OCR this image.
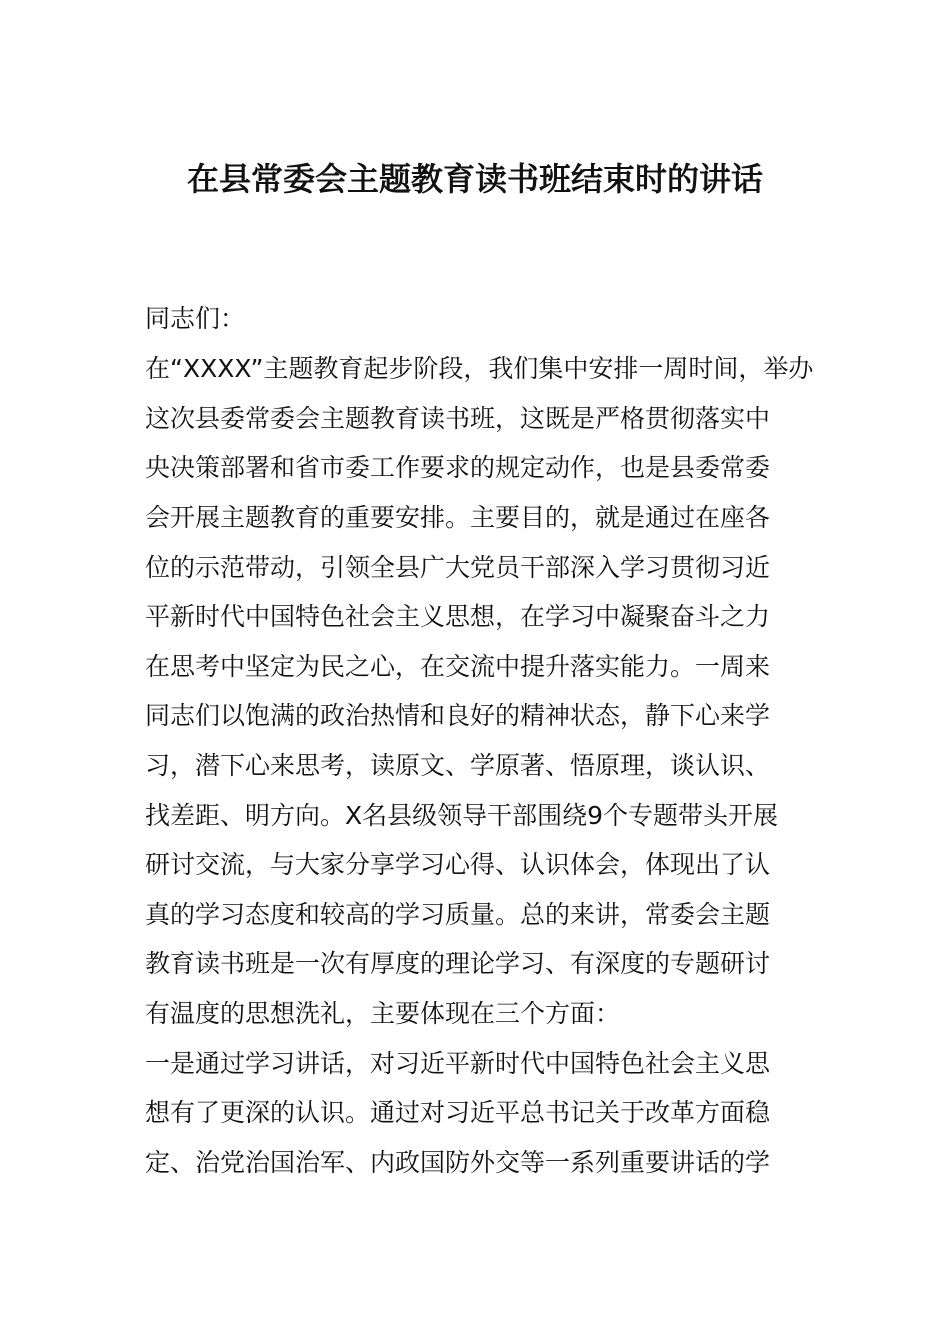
在县常委会主题教育读书班结束时的讲话
同志们：
在“XXXX”主题教育起步阶段，我们集中安排一周时间，举办
这次县委常委会主题教育读书班，这既是严格贯彻落实中
央决策部署和省市委工作要求的规定动作，也是县委常委
会开展主题教育的重要安排。主要目的，就是通过在座各
位的示范带动，引领全县广大党员干部深入学习贯彻习近
平新时代中国特色社会主义思想，在学习中凝聚奋斗之力
在思考中坚定为民之心，在交流中提升落实能力。一周来
同志们以饱满的政治热情和良好的精神状态，静下心来学
习，潜下心来思考，读原文、学原著、悟原理，谈认识、
找差距、明方向。X名县级领导干部围绕9个专题带头开展
研讨交流，与大家分享学习心得、认识体会，体现出了认
真的学习态度和较高的学习质量。总的来讲，常委会主题
教育读书班是一次有厚度的理论学习、有深度的专题研讨
有温度的思想洗礼，主要体现在三个方面：
一是通过学习讲话，对习近平新时代中国特色社会主义思
想有了更深的认识。通过对习近平总书记关于改革方面稳
定、治党治国治军、内政国防外交等一系列重要讲话的学
